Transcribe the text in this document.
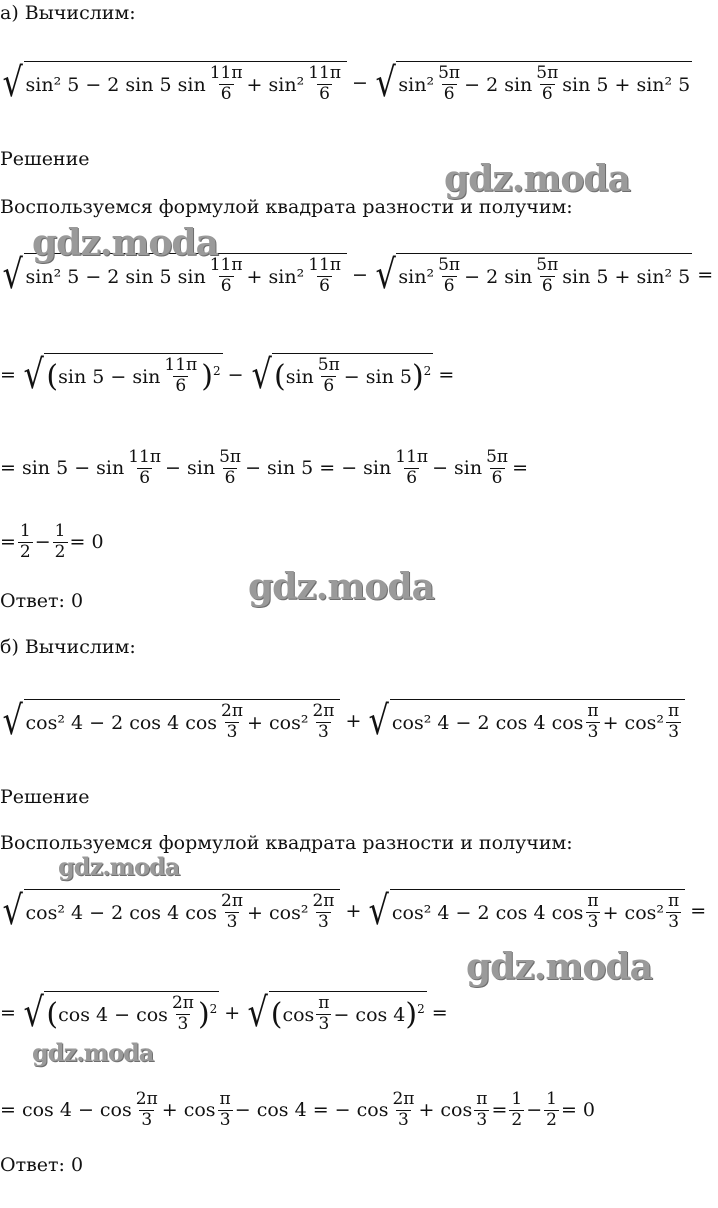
а) Вычислим:
√ sin² 5 − 2 sin 5 $\sin \frac{11\pi}{6} + \sin^2 \frac{11\pi}{6}$ − √ $\sin^2 \frac{5\pi}{6} - 2$ $\sin \frac{5\pi}{6}$ sin 5 + sin² 5
Решение
Воспользуемся формулой квадрата разности и получим:
√ sin² 5 − 2 sin 5 $\sin \frac{11\pi}{6} + \sin^2 \frac{11\pi}{6}$ − √ $\sin^2 \frac{5\pi}{6} - 2$ $\sin \frac{5\pi}{6}$ sin 5 + sin² 5 =
= √ ( $\sin 5 - \sin \frac{11\pi}{6} )^2$ − √ ( $\sin \frac{5\pi}{6} - \sin 5$ )$^2$ =
= $\sin 5 - \sin \frac{11\pi}{6} - \sin \frac{5\pi}{6} - \sin 5$ = − $\sin \frac{11\pi}{6} - \sin \frac{5\pi}{6}$ =
= $\frac{1}{2} - \frac{1}{2} = 0$
Ответ: 0
б) Вычислим:
√ cos² 4 − 2 cos 4 $\cos \frac{2\pi}{3} + \cos^2 \frac{2\pi}{3}$ + √ cos² 4 − 2 cos 4 $\cos \frac{\pi}{3} + \cos^2 \frac{\pi}{3}$
Решение
Воспользуемся формулой квадрата разности и получим:
√ cos² 4 − 2 cos 4 $\cos \frac{2\pi}{3} + \cos^2 \frac{2\pi}{3}$ + √ cos² 4 − 2 cos 4 $\cos \frac{\pi}{3} + \cos^2 \frac{\pi}{3}$ =
= √ ( $\cos 4 - \cos \frac{2\pi}{3} )^2$ + √ ( $\cos \frac{\pi}{3} - \cos 4$ )$^2$ =
= $\cos 4 - \cos \frac{2\pi}{3} + \cos \frac{\pi}{3} - \cos 4$ = − $\cos \frac{2\pi}{3} + \cos \frac{\pi}{3} = \frac{1}{2} - \frac{1}{2} = 0$
Ответ: 0
gdz.moda
gdz.moda
gdz.moda
gdz.moda
gdz.moda
gdz.moda
